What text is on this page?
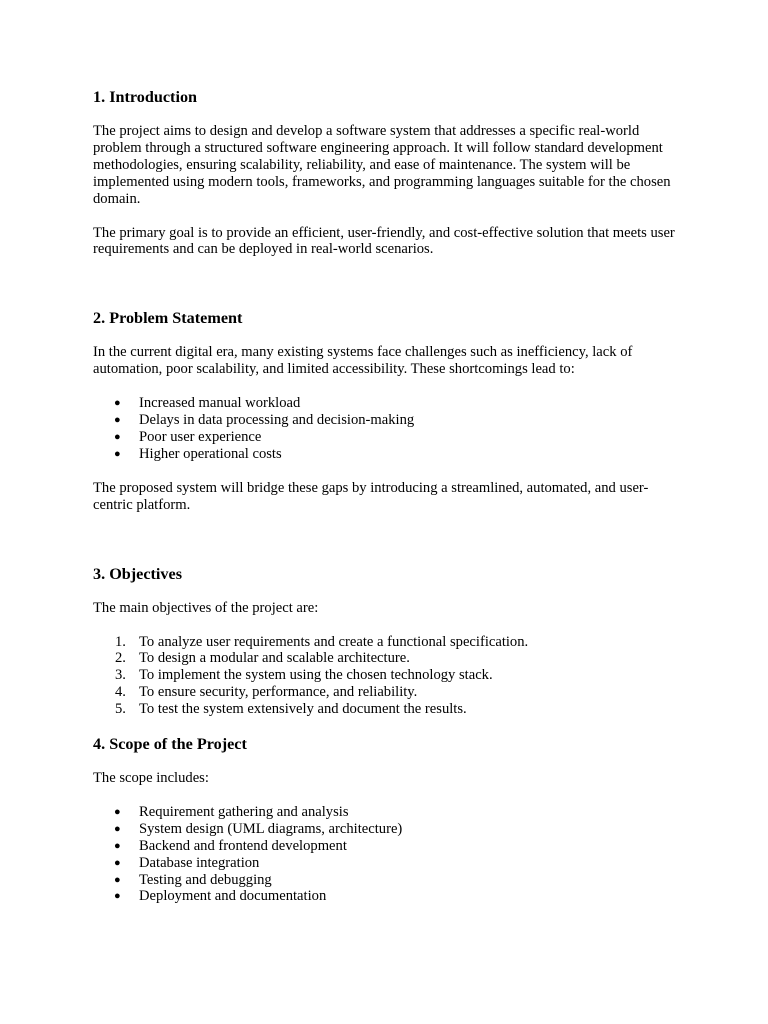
1. Introduction

The project aims to design and develop a software system that addresses a specific real-world problem through a structured software engineering approach. It will follow standard development methodologies, ensuring scalability, reliability, and ease of maintenance. The system will be implemented using modern tools, frameworks, and programming languages suitable for the chosen domain.

The primary goal is to provide an efficient, user-friendly, and cost-effective solution that meets user requirements and can be deployed in real-world scenarios.

2. Problem Statement

In the current digital era, many existing systems face challenges such as inefficiency, lack of automation, poor scalability, and limited accessibility. These shortcomings lead to:

● Increased manual workload
● Delays in data processing and decision-making
● Poor user experience
● Higher operational costs

The proposed system will bridge these gaps by introducing a streamlined, automated, and user-centric platform.

3. Objectives

The main objectives of the project are:

1. To analyze user requirements and create a functional specification.
2. To design a modular and scalable architecture.
3. To implement the system using the chosen technology stack.
4. To ensure security, performance, and reliability.
5. To test the system extensively and document the results.
4. Scope of the Project

The scope includes:

● Requirement gathering and analysis
● System design (UML diagrams, architecture)
● Backend and frontend development
● Database integration
● Testing and debugging
● Deployment and documentation
